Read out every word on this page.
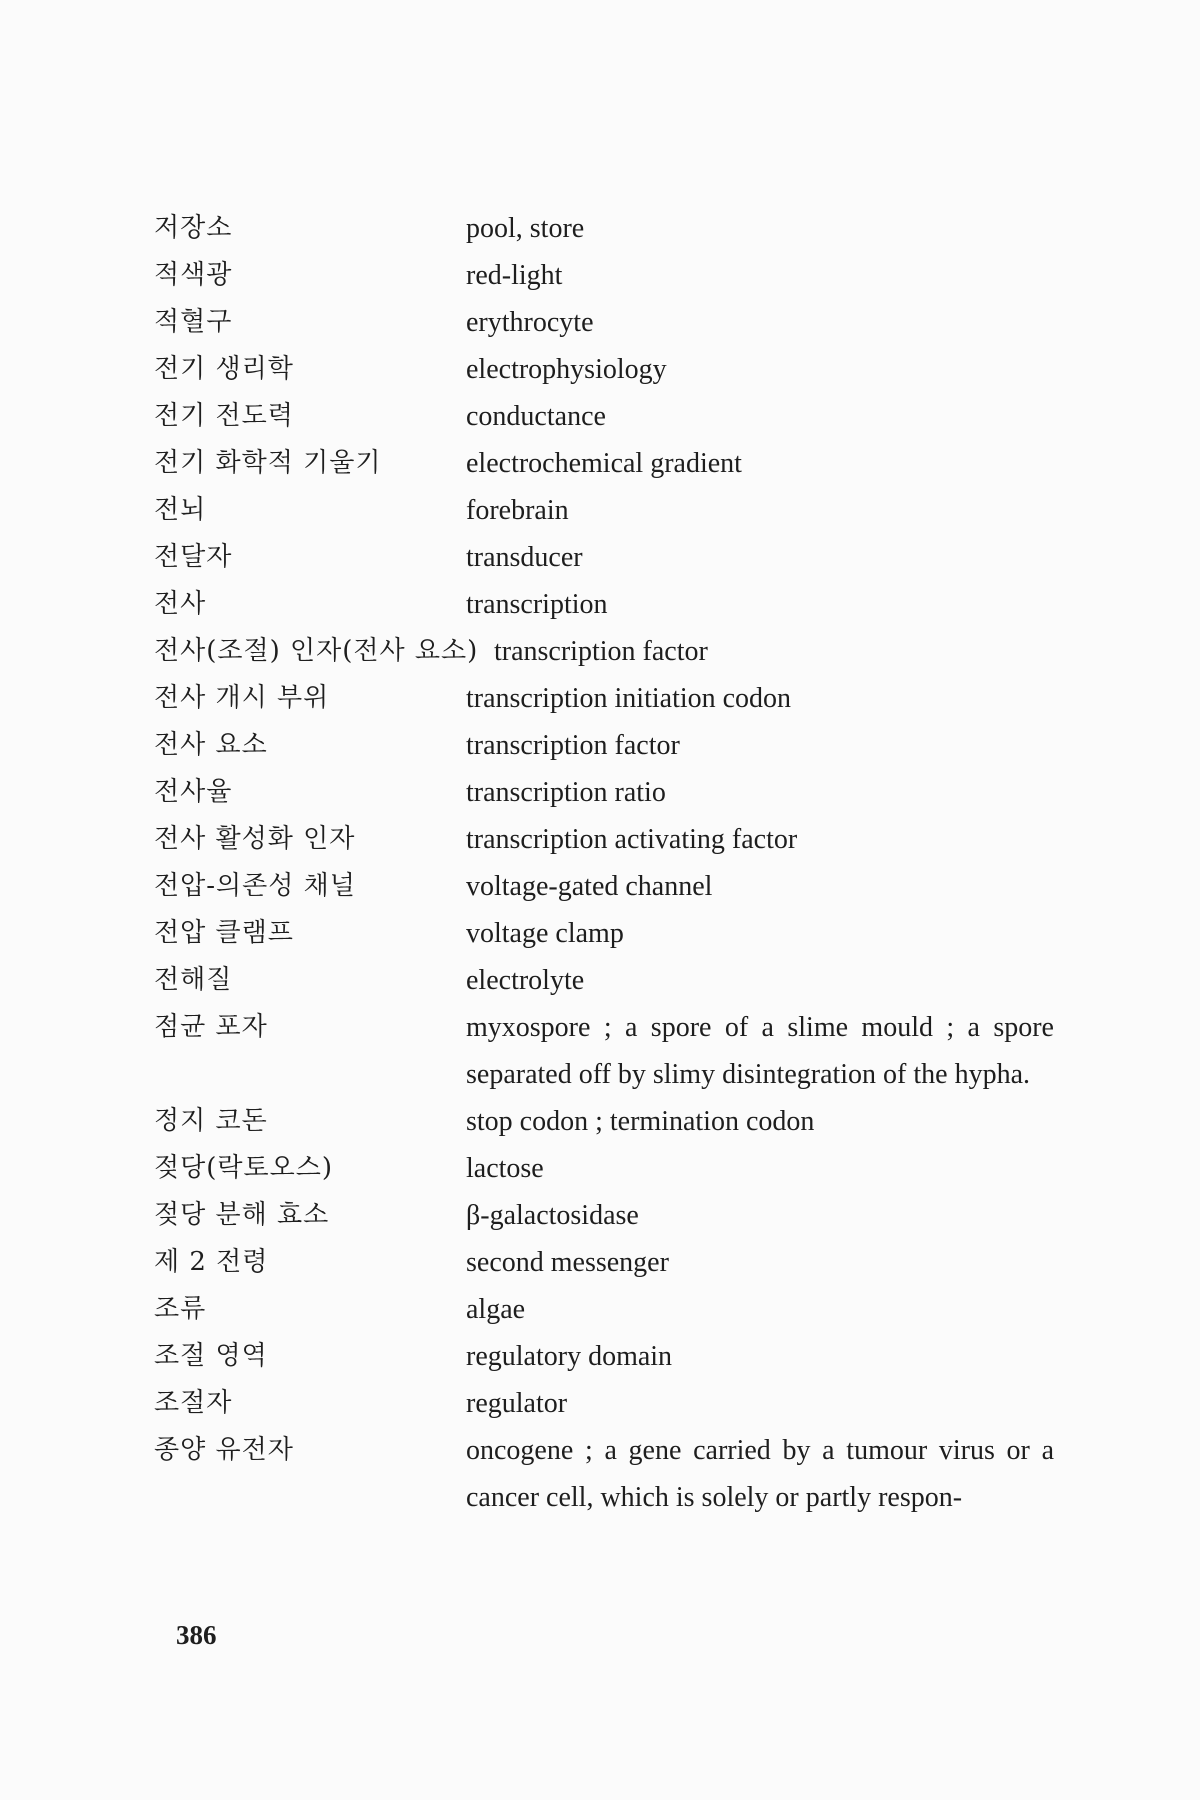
저장소	pool, store
적색광	red-light
적혈구	erythrocyte
전기 생리학	electrophysiology
전기 전도력	conductance
전기 화학적 기울기	electrochemical gradient
전뇌	forebrain
전달자	transducer
전사	transcription
전사(조절) 인자(전사 요소) transcription factor
전사 개시 부위	transcription initiation codon
전사 요소	transcription factor
전사율	transcription ratio
전사 활성화 인자	transcription activating factor
전압-의존성 채널	voltage-gated channel
전압 클램프	voltage clamp
전해질	electrolyte
점균 포자	myxospore ; a spore of a slime mould ; a spore separated off by slimy disintegration of the hypha.
정지 코돈	stop codon ; termination codon
젖당(락토오스)	lactose
젖당 분해 효소	β-galactosidase
제 2 전령	second messenger
조류	algae
조절 영역	regulatory domain
조절자	regulator
종양 유전자	oncogene ; a gene carried by a tumour virus or a cancer cell, which is solely or partly respon-
386
